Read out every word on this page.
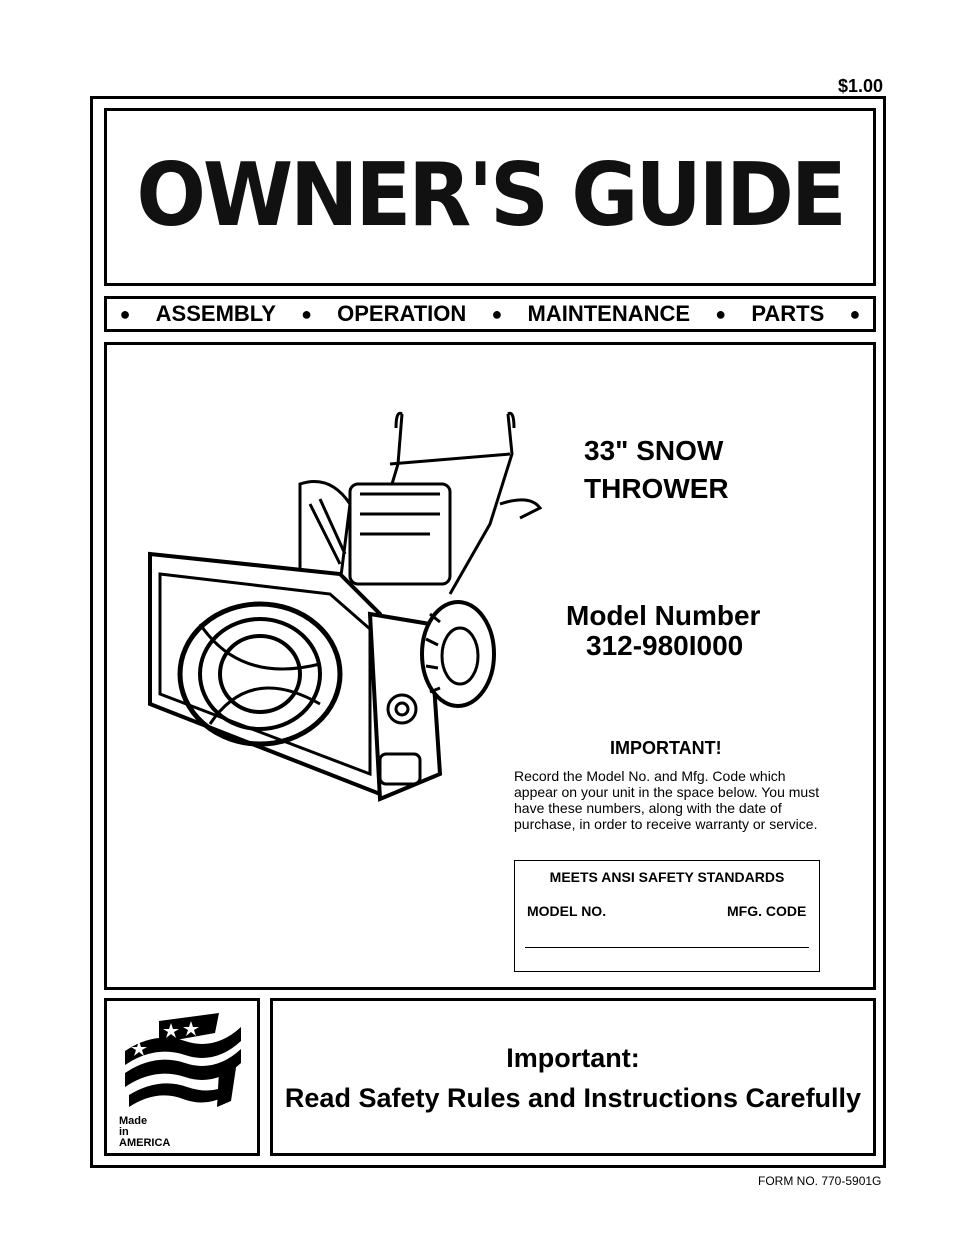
$1.00
OWNER'S GUIDE
● ASSEMBLY ● OPERATION ● MAINTENANCE ● PARTS ●
33" SNOW
THROWER
Model Number
312-980I000
IMPORTANT!
Record the Model No. and Mfg. Code which appear on your unit in the space below. You must have these numbers, along with the date of purchase, in order to receive warranty or service.
MEETS ANSI SAFETY STANDARDS
MODEL NO.	MFG. CODE
Made
in
AMERICA
Important:
Read Safety Rules and Instructions Carefully
FORM NO. 770-5901G
